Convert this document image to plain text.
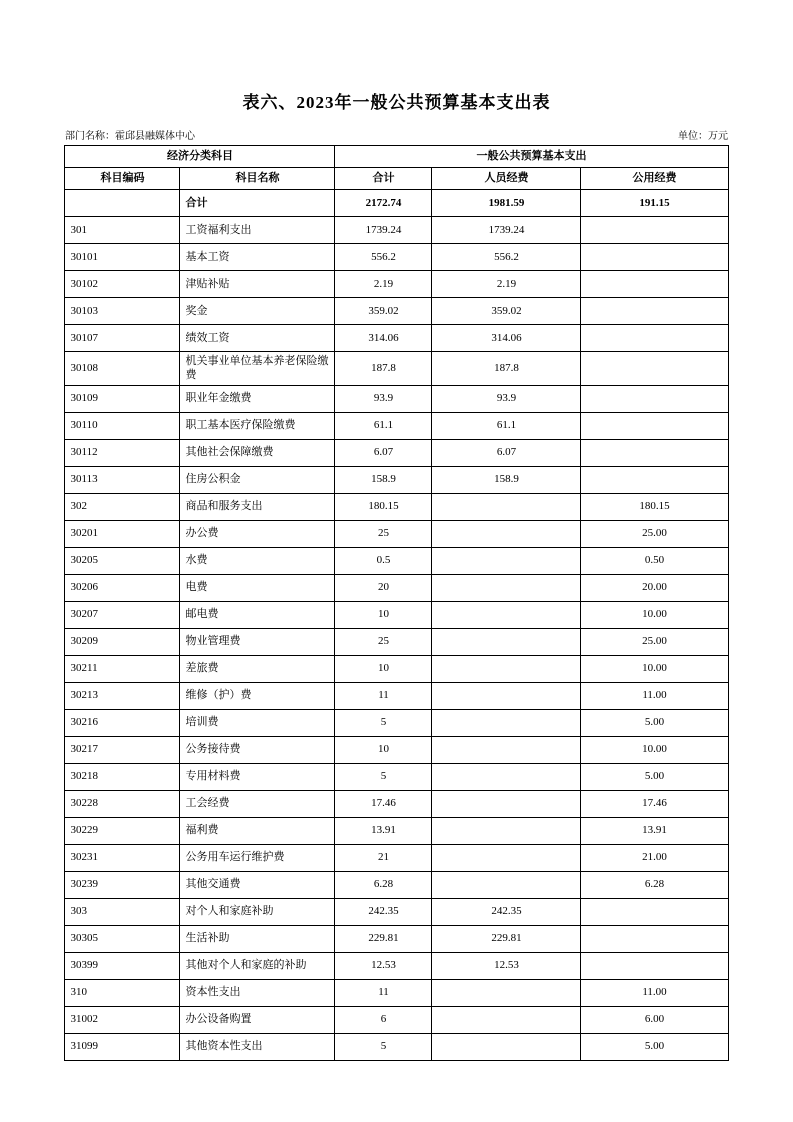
表六、2023年一般公共预算基本支出表
部门名称：霍邱县融媒体中心	单位：万元
经济分类科目		一般公共预算基本支出		
科目编码	科目名称	合计	人员经费	公用经费
	合计	2172.74	1981.59	191.15
301	工资福利支出	1739.24	1739.24	
30101	基本工资	556.2	556.2	
30102	津贴补贴	2.19	2.19	
30103	奖金	359.02	359.02	
30107	绩效工资	314.06	314.06	
30108	机关事业单位基本养老保险缴费	187.8	187.8	
30109	职业年金缴费	93.9	93.9	
30110	职工基本医疗保险缴费	61.1	61.1	
30112	其他社会保障缴费	6.07	6.07	
30113	住房公积金	158.9	158.9	
302	商品和服务支出	180.15		180.15
30201	办公费	25		25.00
30205	水费	0.5		0.50
30206	电费	20		20.00
30207	邮电费	10		10.00
30209	物业管理费	25		25.00
30211	差旅费	10		10.00
30213	维修（护）费	11		11.00
30216	培训费	5		5.00
30217	公务接待费	10		10.00
30218	专用材料费	5		5.00
30228	工会经费	17.46		17.46
30229	福利费	13.91		13.91
30231	公务用车运行维护费	21		21.00
30239	其他交通费	6.28		6.28
303	对个人和家庭补助	242.35	242.35	
30305	生活补助	229.81	229.81	
30399	其他对个人和家庭的补助	12.53	12.53	
310	资本性支出	11		11.00
31002	办公设备购置	6		6.00
31099	其他资本性支出	5		5.00
